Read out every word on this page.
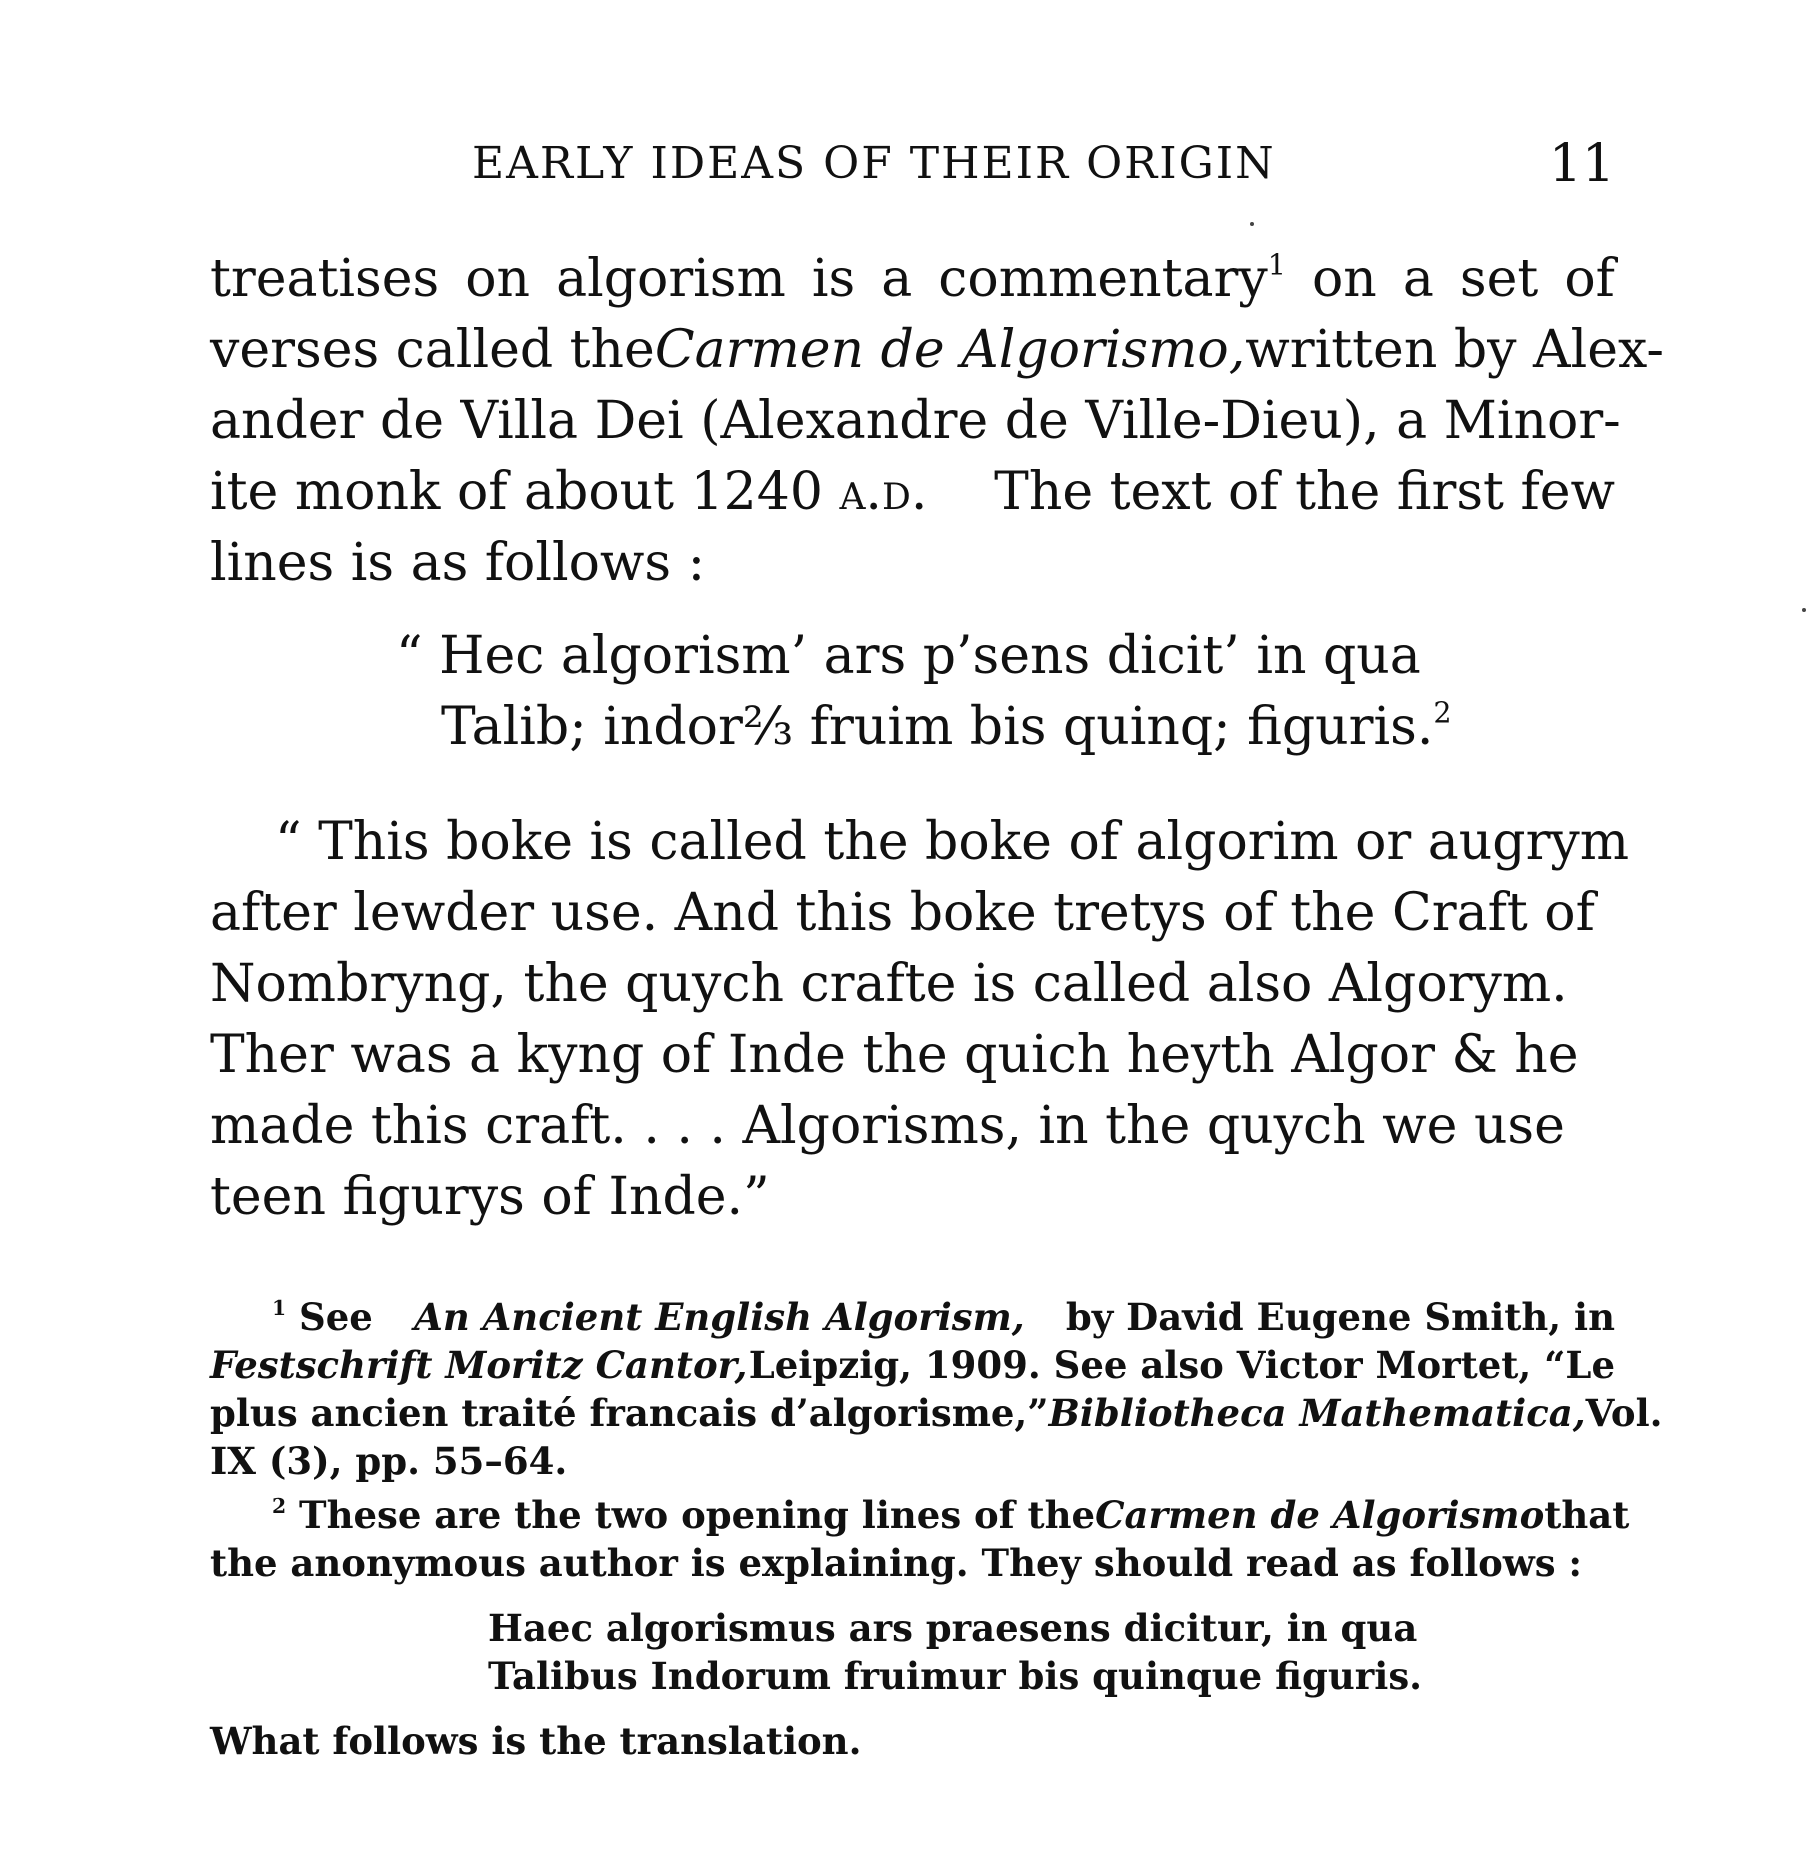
EARLY IDEAS OF THEIR ORIGIN	11
treatises on algorism is a commentary$^1$ on a set of
verses called the Carmen de Algorismo, written by Alex-
ander de Villa Dei (Alexandre de Ville-Dieu), a Minor-
ite monk of about 1240 a.d. The text of the first few
lines is as follows :
“ Hec algorism’ ars p’sens dicit’ in qua
Talib; indor⅔ fruim bis quinq; figuris.$^2$
“ This boke is called the boke of algorim or augrym
after lewder use. And this boke tretys of the Craft of
Nombryng, the quych crafte is called also Algorym.
Ther was a kyng of Inde the quich heyth Algor & he
made this craft. . . . Algorisms, in the quych we use
teen figurys of Inde.”
$^1$ See An Ancient English Algorism, by David Eugene Smith, in
Festschrift Moritz Cantor, Leipzig, 1909. See also Victor Mortet, “Le
plus ancien traité francais d’algorisme,” Bibliotheca Mathematica, Vol.
IX (3), pp. 55–64.
$^2$ These are the two opening lines of the Carmen de Algorismo that
the anonymous author is explaining. They should read as follows :
Haec algorismus ars praesens dicitur, in qua
Talibus Indorum fruimur bis quinque figuris.
What follows is the translation.
